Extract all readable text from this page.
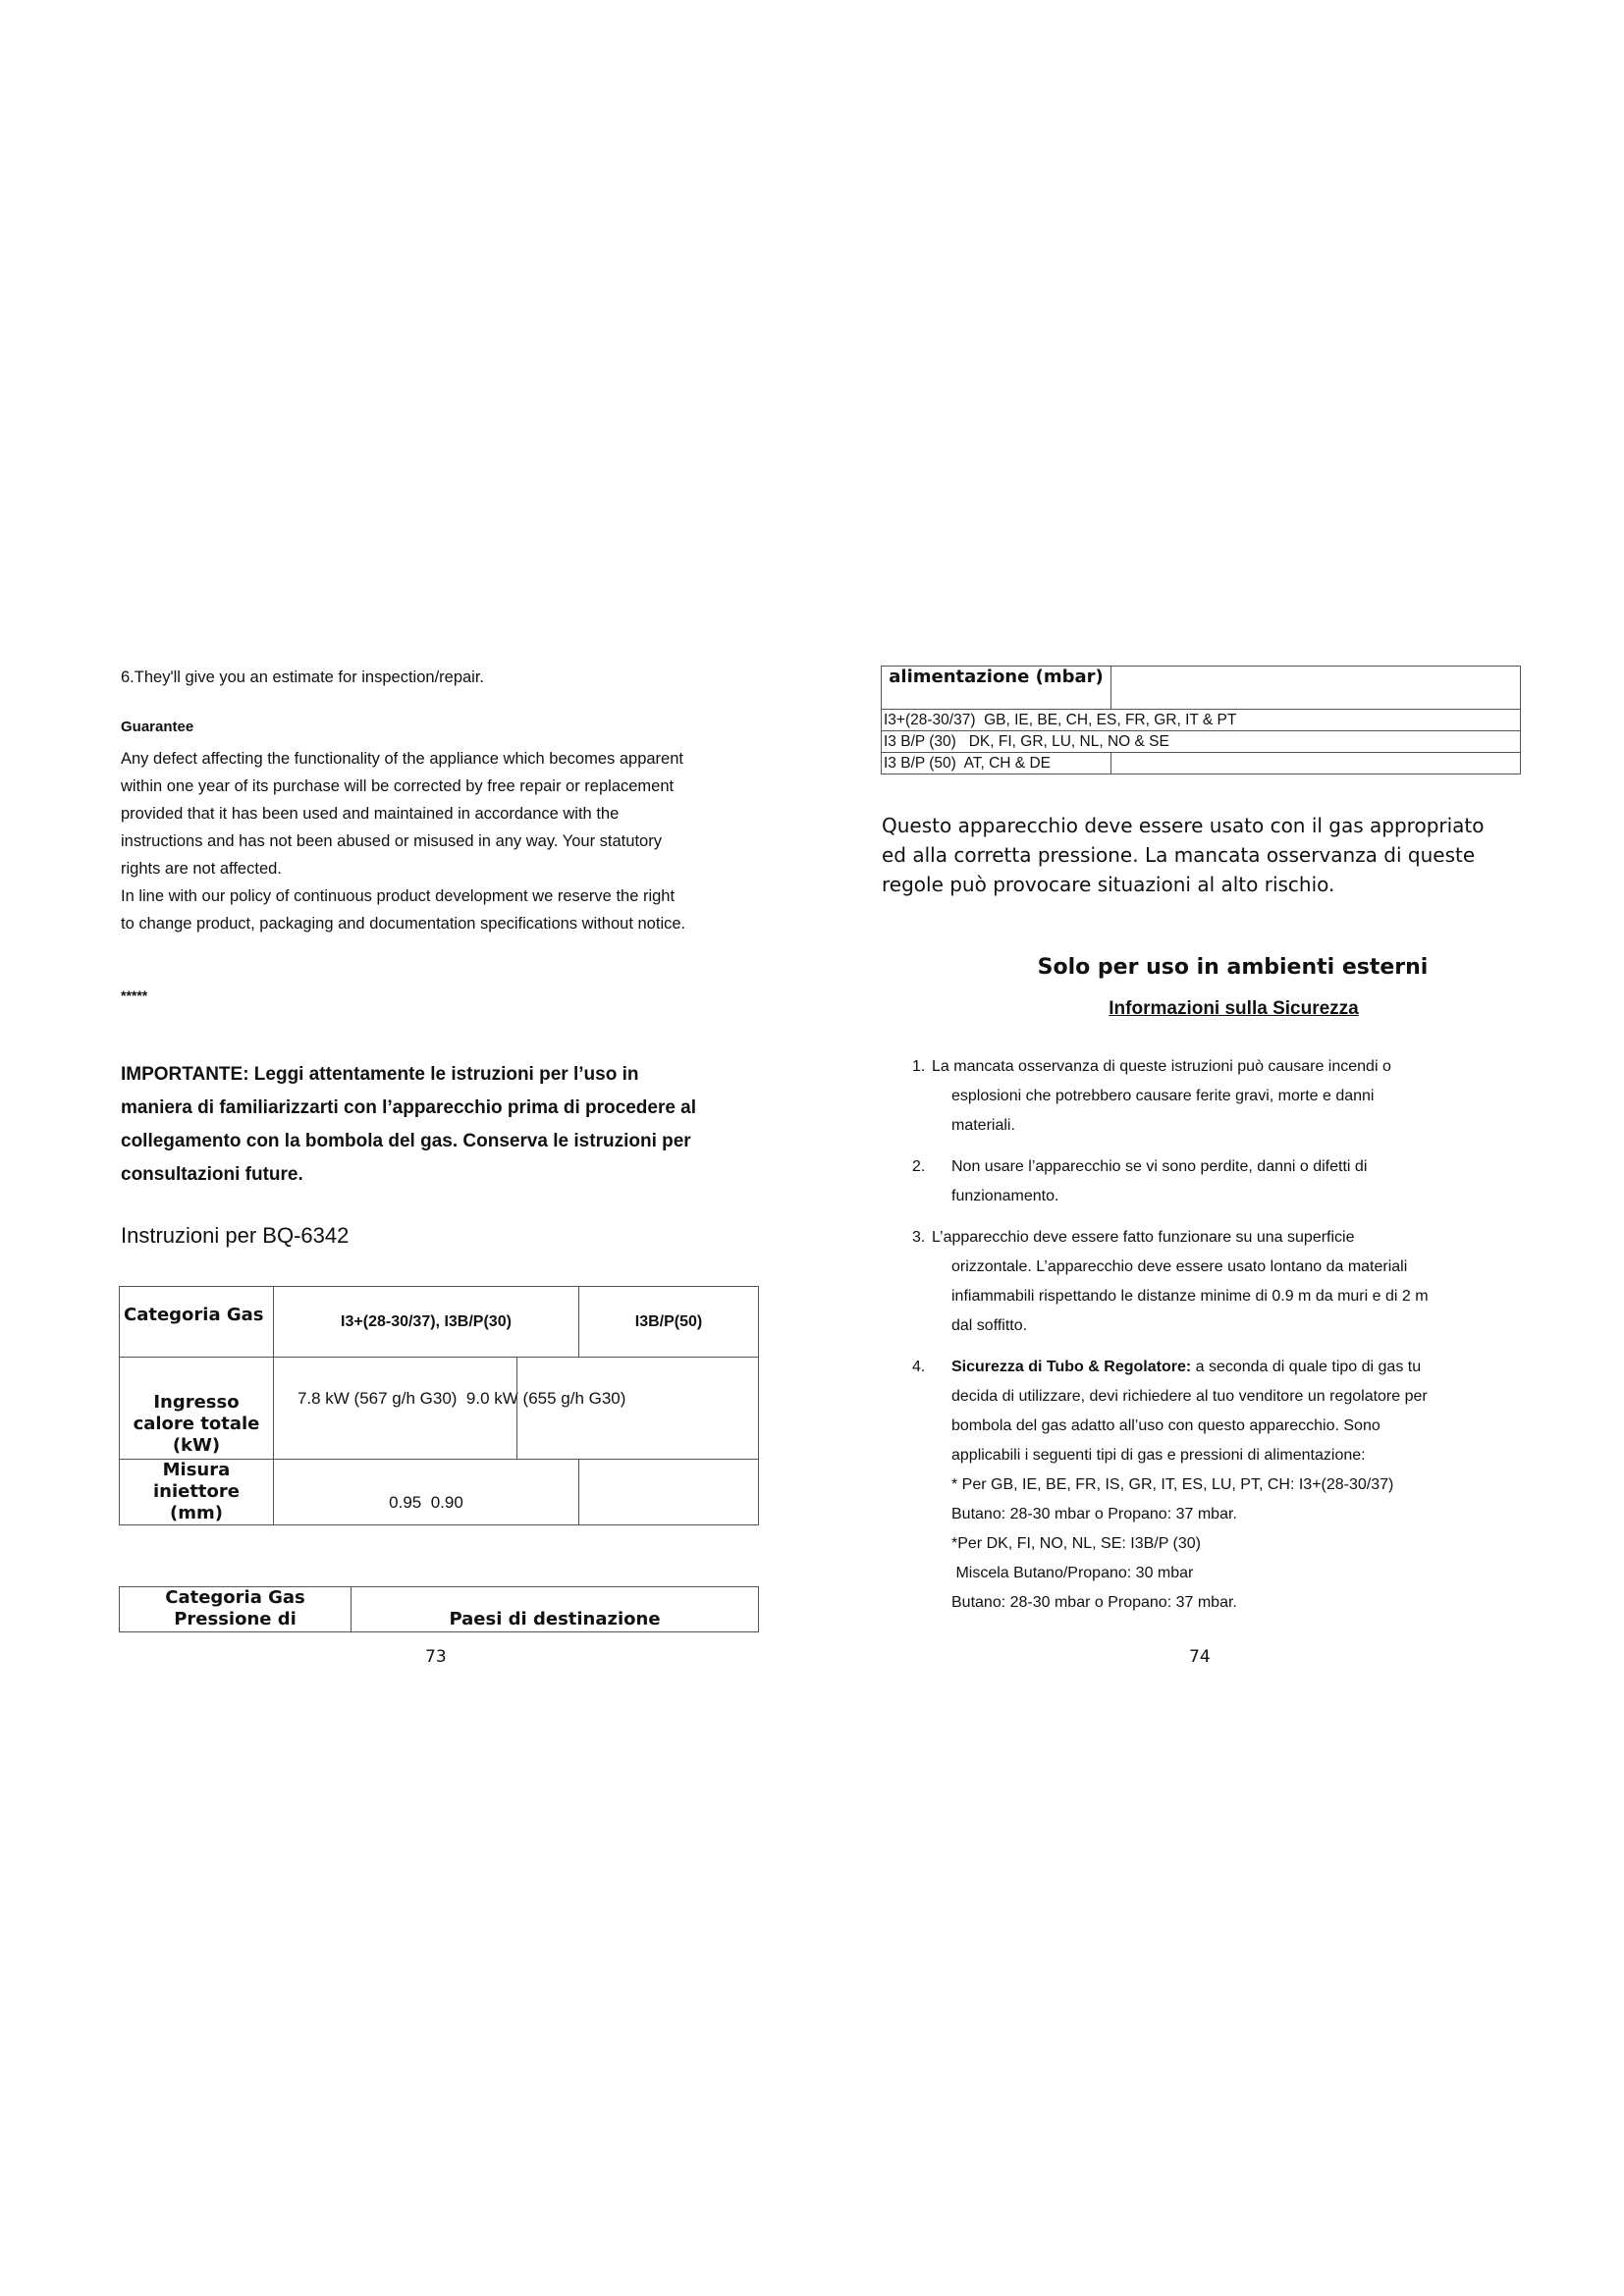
6.They'll give you an estimate for inspection/repair.
Guarantee
Any defect affecting the functionality of the appliance which becomes apparent
within one year of its purchase will be corrected by free repair or replacement
provided that it has been used and maintained in accordance with the
instructions and has not been abused or misused in any way. Your statutory
rights are not affected.
In line with our policy of continuous product development we reserve the right
to change product, packaging and documentation specifications without notice.
*****
IMPORTANTE: Leggi attentamente le istruzioni per l’uso in
maniera di familiarizzarti con l’apparecchio prima di procedere al
collegamento con la bombola del gas. Conserva le istruzioni per
consultazioni future.
Instruzioni per BQ-6342
Categoria Gas	I3+(28-30/37), I3B/P(30)	I3B/P(50)
Ingresso calore totale (kW)	7.8 kW (567 g/h G30)  9.0 kW (655 g/h G30)	

Misura iniettore (mm)	0.95  0.90	
Categoria Gas Pressione di	Paesi di destinazione
73
alimentazione (mbar)	
I3+(28-30/37)  GB, IE, BE, CH, ES, FR, GR, IT & PT	
I3 B/P (30)   DK, FI, GR, LU, NL, NO & SE	
I3 B/P (50)  AT, CH & DE	
Questo apparecchio deve essere usato con il gas appropriato
ed alla corretta pressione. La mancata osservanza di queste
regole può provocare situazioni al alto rischio.
Solo per uso in ambienti esterni
Informazioni sulla Sicurezza
1. La mancata osservanza di queste istruzioni può causare incendi o
esplosioni che potrebbero causare ferite gravi, morte e danni
materiali.
2.	Non usare l’apparecchio se vi sono perdite, danni o difetti di
funzionamento.
3. L’apparecchio deve essere fatto funzionare su una superficie
orizzontale. L’apparecchio deve essere usato lontano da materiali
infiammabili rispettando le distanze minime di 0.9 m da muri e di 2 m
dal soffitto.
4.	Sicurezza di Tubo & Regolatore: a seconda di quale tipo di gas tu
decida di utilizzare, devi richiedere al tuo venditore un regolatore per
bombola del gas adatto all’uso con questo apparecchio. Sono
applicabili i seguenti tipi di gas e pressioni di alimentazione:
* Per GB, IE, BE, FR, IS, GR, IT, ES, LU, PT, CH: I3+(28-30/37)
Butano: 28-30 mbar o Propano: 37 mbar.
*Per DK, FI, NO, NL, SE: I3B/P (30)
Miscela Butano/Propano: 30 mbar
Butano: 28-30 mbar o Propano: 37 mbar.
74
